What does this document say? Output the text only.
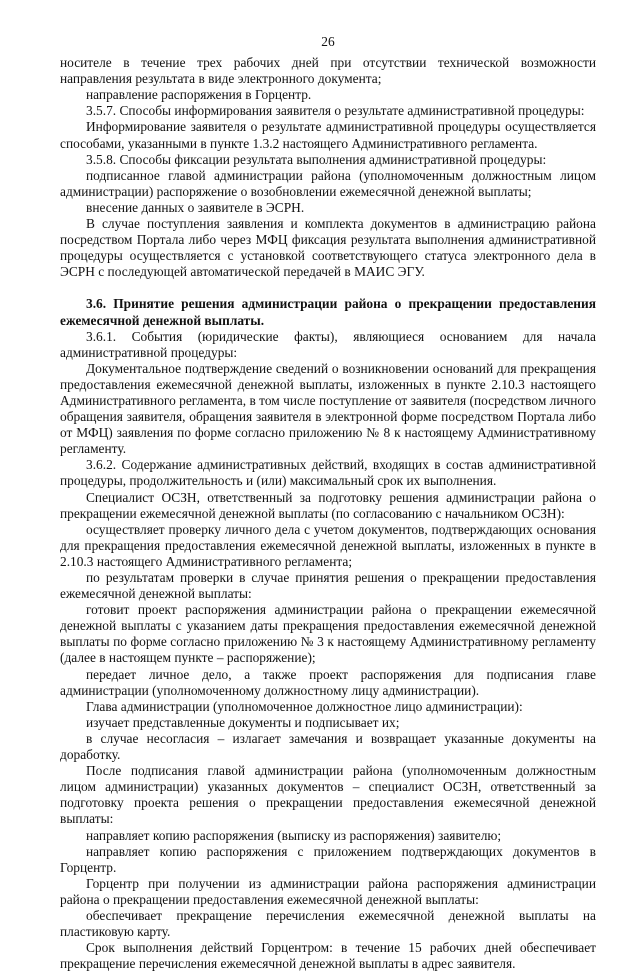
26

носителе в течение трех рабочих дней при отсутствии технической возможности направления результата в виде электронного документа;

направление распоряжения в Горцентр.

3.5.7. Способы информирования заявителя о результате административной процедуры:

Информирование заявителя о результате административной процедуры осуществляется способами, указанными в пункте 1.3.2 настоящего Административного регламента.

3.5.8. Способы фиксации результата выполнения административной процедуры:

подписанное главой администрации района (уполномоченным должностным лицом администрации) распоряжение о возобновлении ежемесячной денежной выплаты;

внесение данных о заявителе в ЭСРН.

В случае поступления заявления и комплекта документов в администрацию района посредством Портала либо через МФЦ фиксация результата выполнения административной процедуры осуществляется с установкой соответствующего статуса электронного дела в ЭСРН с последующей автоматической передачей в МАИС ЭГУ.

3.6. Принятие решения администрации района о прекращении предоставления ежемесячной денежной выплаты.

3.6.1. События (юридические факты), являющиеся основанием для начала административной процедуры:

Документальное подтверждение сведений о возникновении оснований для прекращения предоставления ежемесячной денежной выплаты, изложенных в пункте 2.10.3 настоящего Административного регламента, в том числе поступление от заявителя (посредством личного обращения заявителя, обращения заявителя в электронной форме посредством Портала либо от МФЦ) заявления по форме согласно приложению № 8 к настоящему Административному регламенту.

3.6.2. Содержание административных действий, входящих в состав административной процедуры, продолжительность и (или) максимальный срок их выполнения.

Специалист ОСЗН, ответственный за подготовку решения администрации района о прекращении ежемесячной денежной выплаты (по согласованию с начальником ОСЗН):

осуществляет проверку личного дела с учетом документов, подтверждающих основания для прекращения предоставления ежемесячной денежной выплаты, изложенных в пункте в 2.10.3 настоящего Административного регламента;

по результатам проверки в случае принятия решения о прекращении предоставления ежемесячной денежной выплаты:

готовит проект распоряжения администрации района о прекращении ежемесячной денежной выплаты с указанием даты прекращения предоставления ежемесячной денежной выплаты по форме согласно приложению № 3 к настоящему Административному регламенту (далее в настоящем пункте – распоряжение);

передает личное дело, а также проект распоряжения для подписания главе администрации (уполномоченному должностному лицу администрации).

Глава администрации (уполномоченное должностное лицо администрации):

изучает представленные документы и подписывает их;

в случае несогласия – излагает замечания и возвращает указанные документы на доработку.

После подписания главой администрации района (уполномоченным должностным лицом администрации) указанных документов – специалист ОСЗН, ответственный за подготовку проекта решения о прекращении предоставления ежемесячной денежной выплаты:

направляет копию распоряжения (выписку из распоряжения) заявителю;

направляет копию распоряжения с приложением подтверждающих документов в Горцентр.

Горцентр при получении из администрации района распоряжения администрации района о прекращении предоставления ежемесячной денежной выплаты:

обеспечивает прекращение перечисления ежемесячной денежной выплаты на пластиковую карту.

Срок выполнения действий Горцентром: в течение 15 рабочих дней обеспечивает прекращение перечисления ежемесячной денежной выплаты в адрес заявителя.
